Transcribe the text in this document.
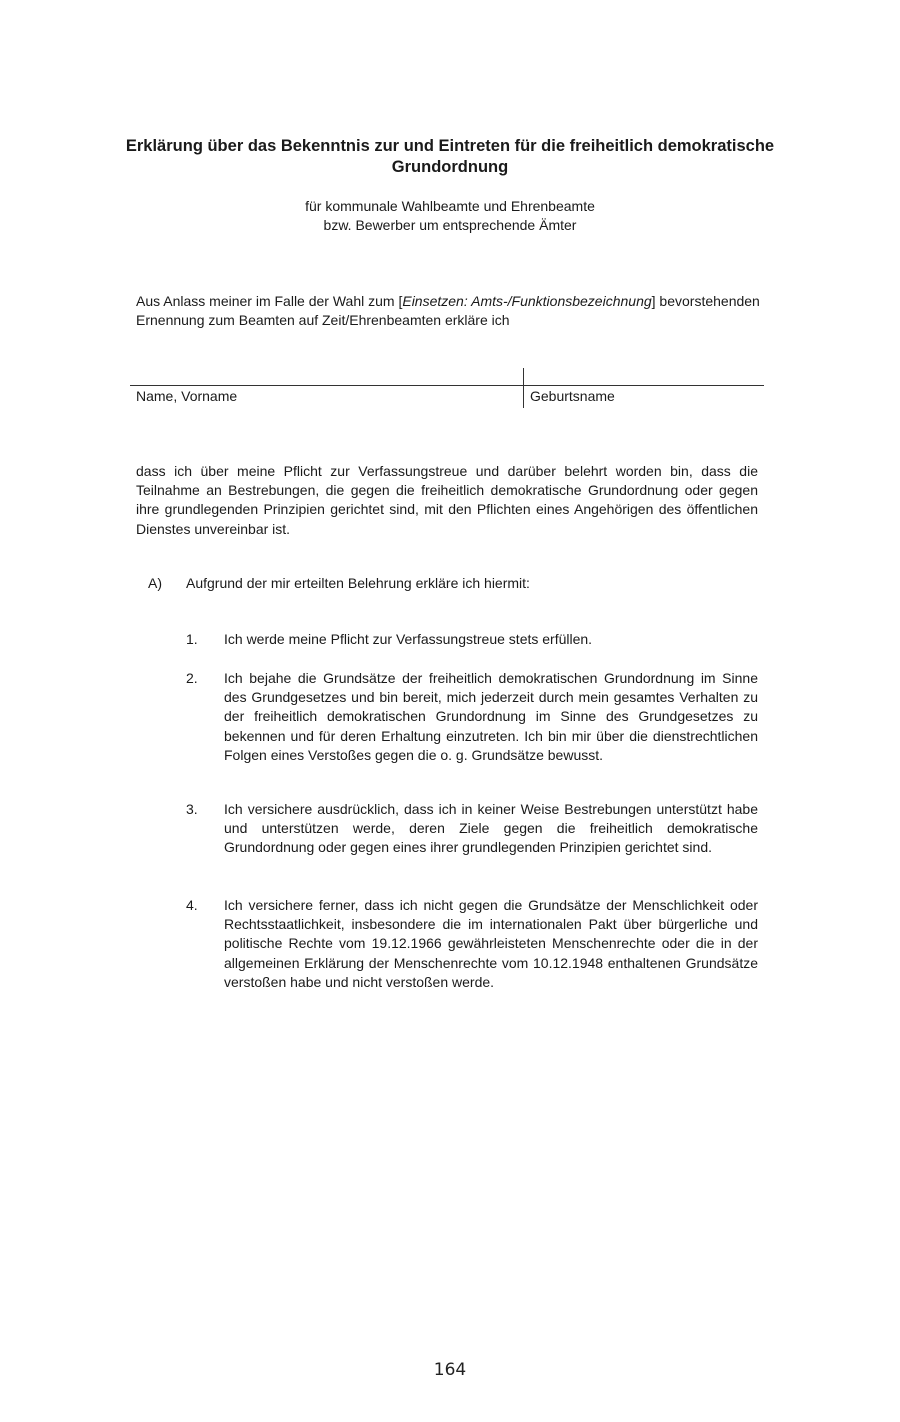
Erklärung über das Bekenntnis zur und Eintreten für die freiheitlich demokratische Grundordnung
für kommunale Wahlbeamte und Ehrenbeamte
bzw. Bewerber um entsprechende Ämter
Aus Anlass meiner im Falle der Wahl zum [Einsetzen: Amts-/Funktionsbezeichnung] bevorstehenden Ernennung zum Beamten auf Zeit/Ehrenbeamten erkläre ich
Name, Vorname	Geburtsname
dass ich über meine Pflicht zur Verfassungstreue und darüber belehrt worden bin, dass die Teilnahme an Bestrebungen, die gegen die freiheitlich demokratische Grundordnung oder gegen ihre grundlegenden Prinzipien gerichtet sind, mit den Pflichten eines Angehörigen des öffentlichen Dienstes unvereinbar ist.
A) Aufgrund der mir erteilten Belehrung erkläre ich hiermit:
1.	Ich werde meine Pflicht zur Verfassungstreue stets erfüllen.
2.	Ich bejahe die Grundsätze der freiheitlich demokratischen Grundordnung im Sinne des Grundgesetzes und bin bereit, mich jederzeit durch mein gesamtes Verhalten zu der freiheitlich demokratischen Grundordnung im Sinne des Grundgesetzes zu bekennen und für deren Erhaltung einzutreten. Ich bin mir über die dienstrechtlichen Folgen eines Verstoßes gegen die o. g. Grundsätze bewusst.
3.	Ich versichere ausdrücklich, dass ich in keiner Weise Bestrebungen unterstützt habe und unterstützen werde, deren Ziele gegen die freiheitlich demokratische Grundordnung oder gegen eines ihrer grundlegenden Prinzipien gerichtet sind.
4.	Ich versichere ferner, dass ich nicht gegen die Grundsätze der Menschlichkeit oder Rechtsstaatlichkeit, insbesondere die im internationalen Pakt über bürgerliche und politische Rechte vom 19.12.1966 gewährleisteten Menschenrechte oder die in der allgemeinen Erklärung der Menschenrechte vom 10.12.1948 enthaltenen Grundsätze verstoßen habe und nicht verstoßen werde.
164
